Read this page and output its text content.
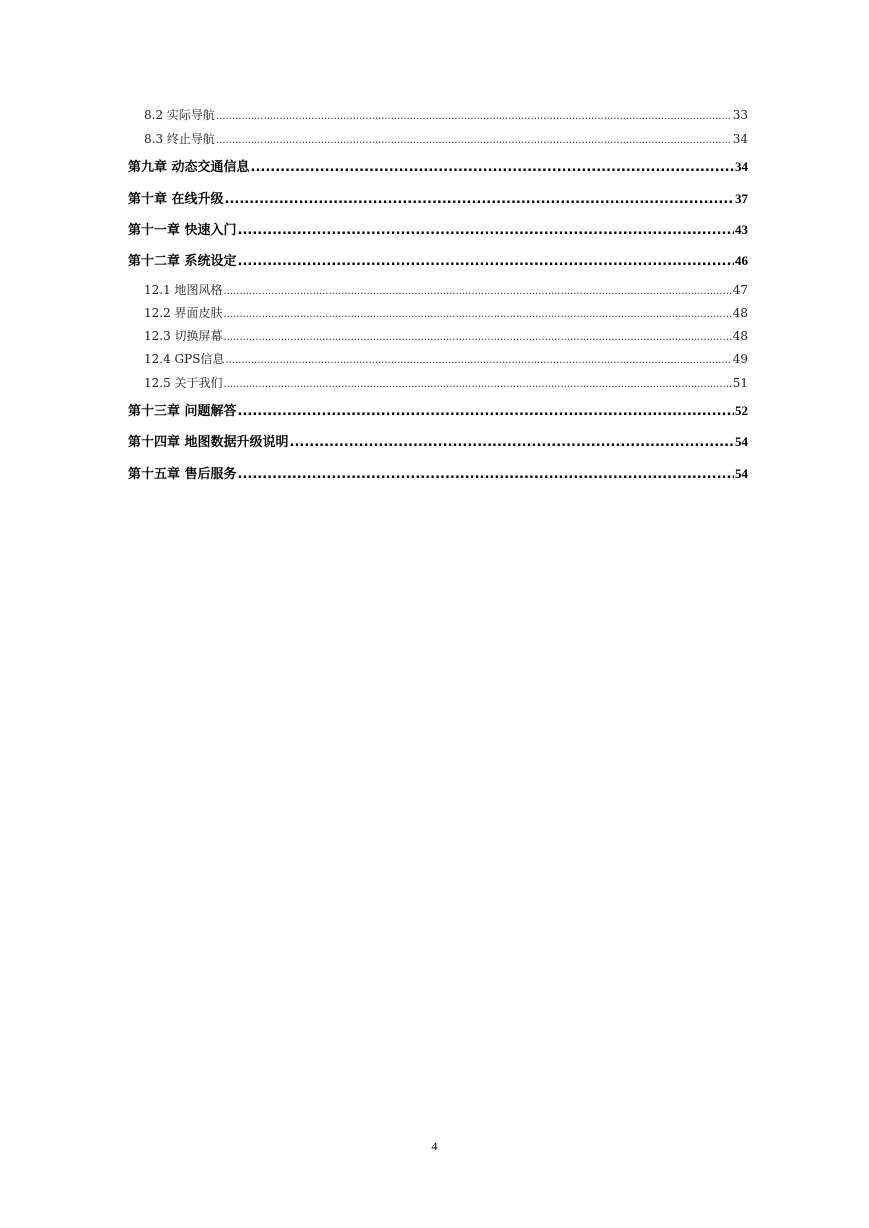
8.2 实际导航 .....	33
8.3 终止导航 .....	34
第九章 动态交通信息 .....	34
第十章 在线升级 .....	37
第十一章 快速入门 .....	43
第十二章 系统设定 .....	46
12.1 地图风格 .....	47
12.2 界面皮肤 .....	48
12.3 切换屏幕 .....	48
12.4 GPS信息 .....	49
12.5 关于我们 .....	51
第十三章 问题解答 .....	52
第十四章 地图数据升级说明 .....	54
第十五章 售后服务 .....	54
4
